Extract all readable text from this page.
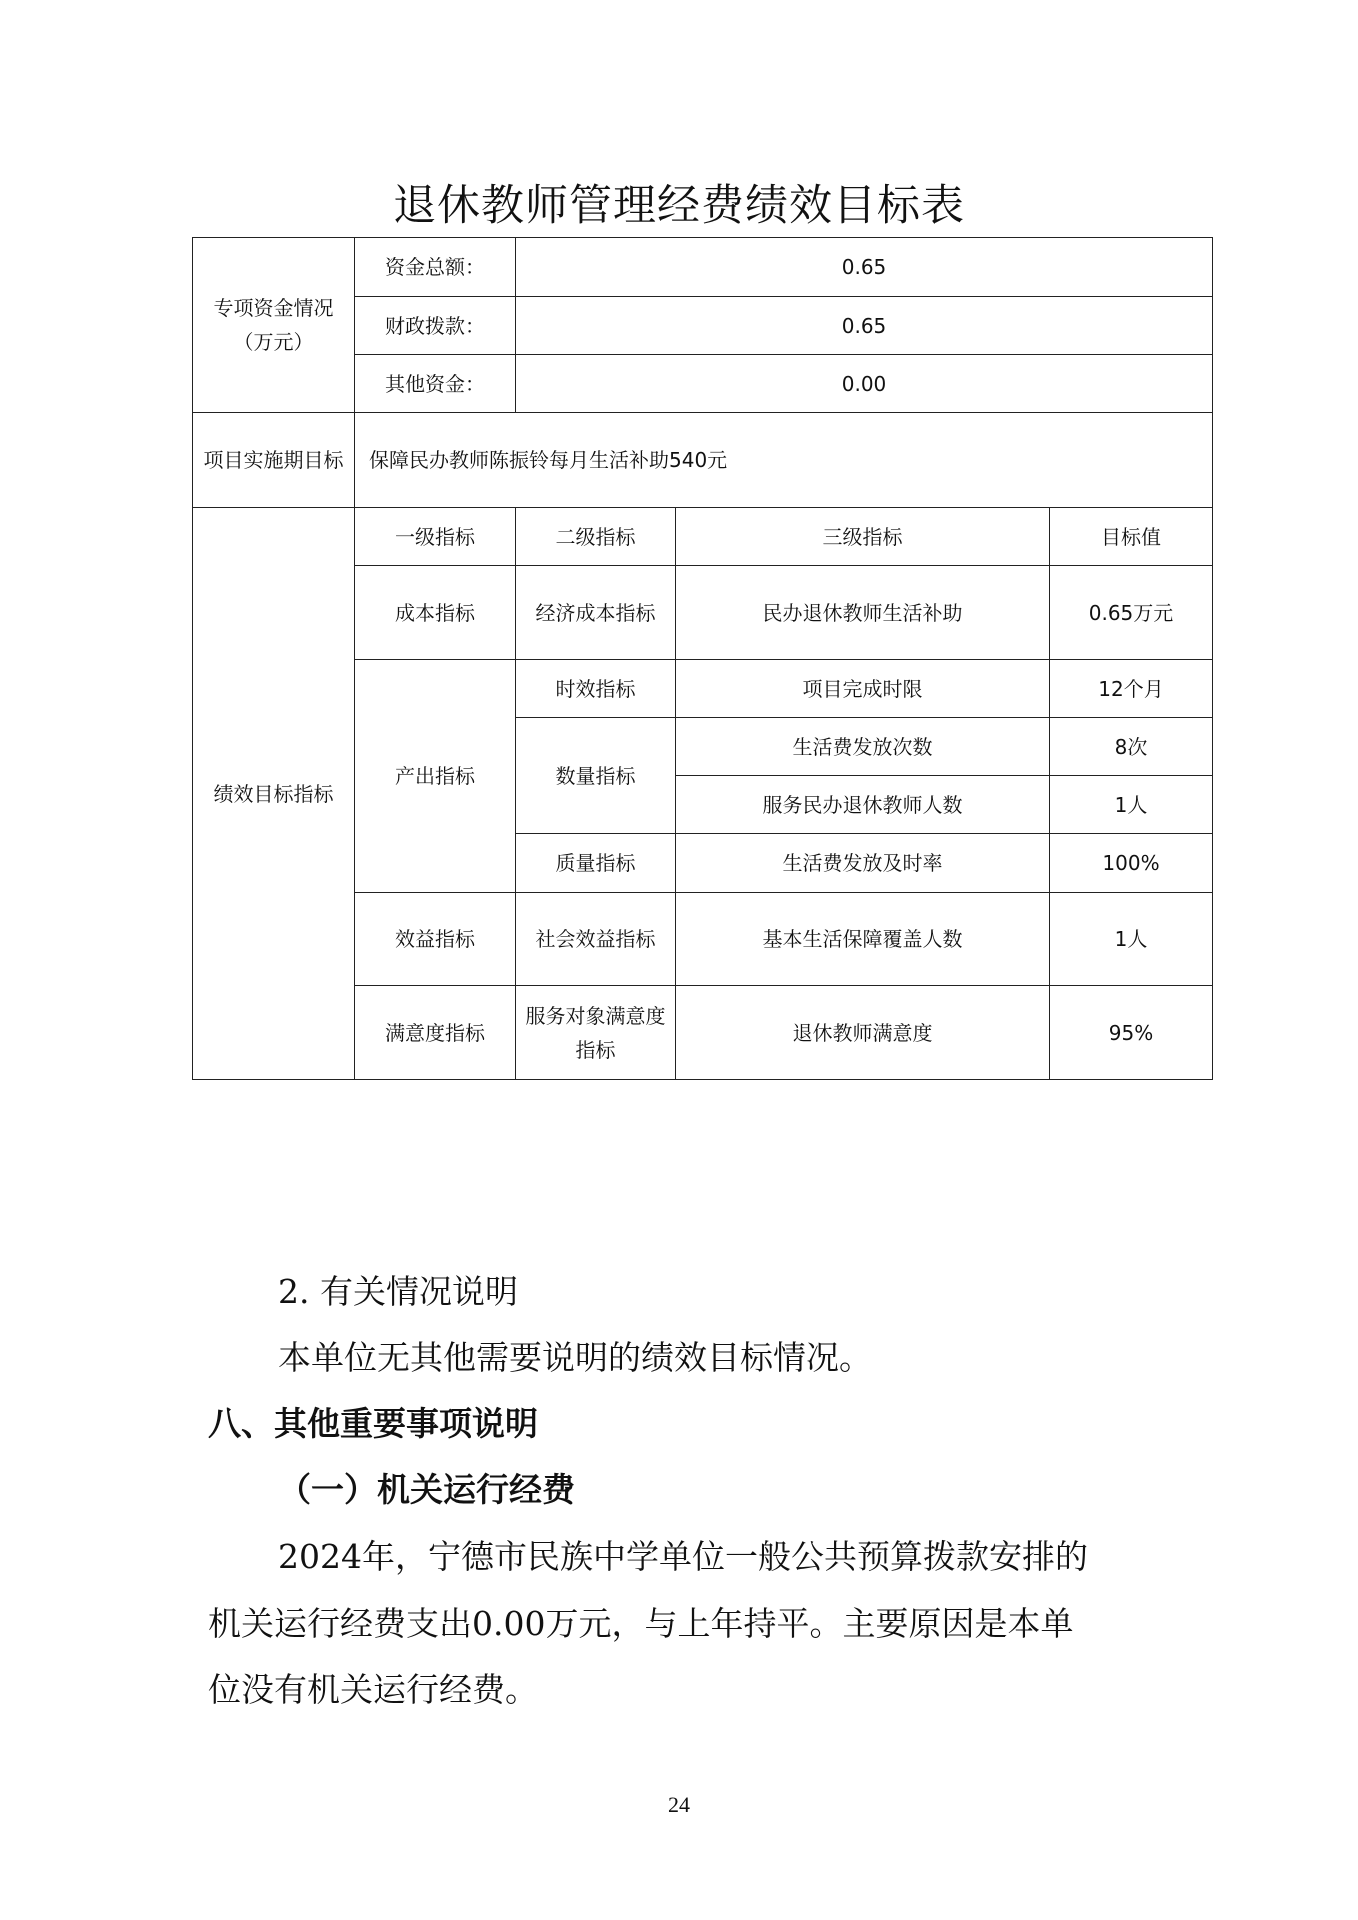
退休教师管理经费绩效目标表
专项资金情况（万元）	资金总额：	0.65		
	财政拨款：	0.65		
	其他资金：	0.00		
项目实施期目标	保障民办教师陈振铃每月生活补助540元			
绩效目标指标	一级指标	二级指标	三级指标	目标值
	成本指标	经济成本指标	民办退休教师生活补助	0.65万元
	产出指标	时效指标	项目完成时限	12个月
		数量指标	生活费发放次数	8次
			服务民办退休教师人数	1人
		质量指标	生活费发放及时率	100%
	效益指标	社会效益指标	基本生活保障覆盖人数	1人
	满意度指标	服务对象满意度指标	退休教师满意度	95%
2. 有关情况说明
本单位无其他需要说明的绩效目标情况。
八、其他重要事项说明
（一）机关运行经费
2024年，宁德市民族中学单位一般公共预算拨款安排的
机关运行经费支出0.00万元，与上年持平。主要原因是本单
位没有机关运行经费。
24
